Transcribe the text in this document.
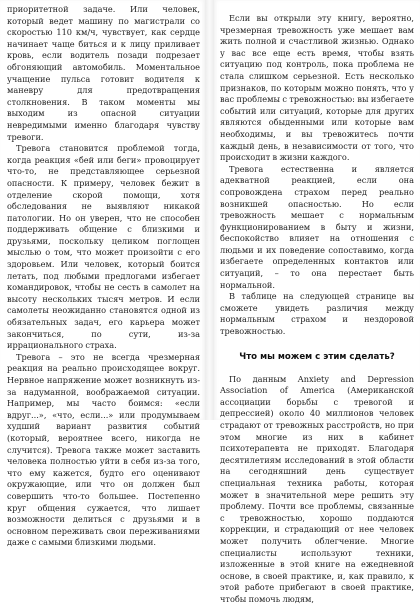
приоритетной задаче. Или человек, который ведет машину по магистрали со скоростью 110 км/ч, чувствует, как сердце начинает чаще биться и к лицу приливает кровь, если водитель позади подрезает обгоняющий автомобиль. Моментальное учащение пульса готовит водителя к маневру для предотвращения столкновения. В таком моменты мы выходим из опасной ситуации невредимыми именно благодаря чувству тревоги.

Тревога становится проблемой тогда, когда реакция «бей или беги» провоцирует что-то, не представляющее серьезной опасности. К примеру, человек бежит в отделение скорой помощи, хотя обследования не выявляют никакой патологии. Но он уверен, что не способен поддерживать общение с близкими и друзьями, поскольку целиком поглощен мыслью о том, что может произойти с его здоровьем. Или человек, который боится летать, под любыми предлогами избегает командировок, чтобы не сесть в самолет на высоту нескольких тысяч метров. И если самолеты неожиданно становятся одной из обязательных задач, его карьера может закончиться, по сути, из-за иррационального страха.

Тревога – это не всегда чрезмерная реакция на реально происходящее вокруг. Нервное напряжение может возникнуть из-за надуманной, воображаемой ситуации. Например, мы часто боимся: «если вдруг...», «что, если...» или продумываем худший вариант развития событий (который, вероятнее всего, никогда не случится). Тревога также может заставить человека полностью уйти в себя из-за того, что ему кажется, будто его оценивают окружающие, или что он должен был совершить что-то большее. Постепенно круг общения сужается, что лишает возможности делиться с друзьями и в основном переживать свои переживаниями даже с самыми близкими людьми.

Если вы открыли эту книгу, вероятно, чрезмерная тревожность уже мешает вам жить полной и счастливой жизнью. Однако у вас все еще есть время, чтобы взять ситуацию под контроль, пока проблема не стала слишком серьезной. Есть несколько признаков, по которым можно понять, что у вас проблемы с тревожностью: вы избегаете событий или ситуаций, которые для других являются обыденными или которые вам необходимы, и вы тревожитесь почти каждый день, в независимости от того, что происходит в жизни каждого.

Тревога естественна и является адекватной реакцией, если она сопровождена страхом перед реально возникшей опасностью. Но если тревожность мешает с нормальным функционированием в быту и жизни, беспокойство влияет на отношения с людьми и их поведение сопоставимо, когда избегаете определенных контактов или ситуаций, – то она перестает быть нормальной.

В таблице на следующей странице вы сможете увидеть различия между нормальным страхом и нездоровой тревожностью.

Что мы можем с этим сделать?

По данным Anxiety and Depression Association of America (Американской ассоциации борьбы с тревогой и депрессией) около 40 миллионов человек страдают от тревожных расстройств, но при этом многие из них в кабинет психотерапевта не приходят. Благодаря десятилетиям исследований в этой области на сегодняшний день существует специальная техника работы, которая может в значительной мере решить эту проблему. Почти все проблемы, связанные с тревожностью, хорошо поддаются коррекции, и страдающий от нее человек может получить облегчение. Многие специалисты используют техники, изложенные в этой книге на ежедневной основе, в своей практике, и, как правило, к этой работе прибегают в своей практике, чтобы помочь людям,
